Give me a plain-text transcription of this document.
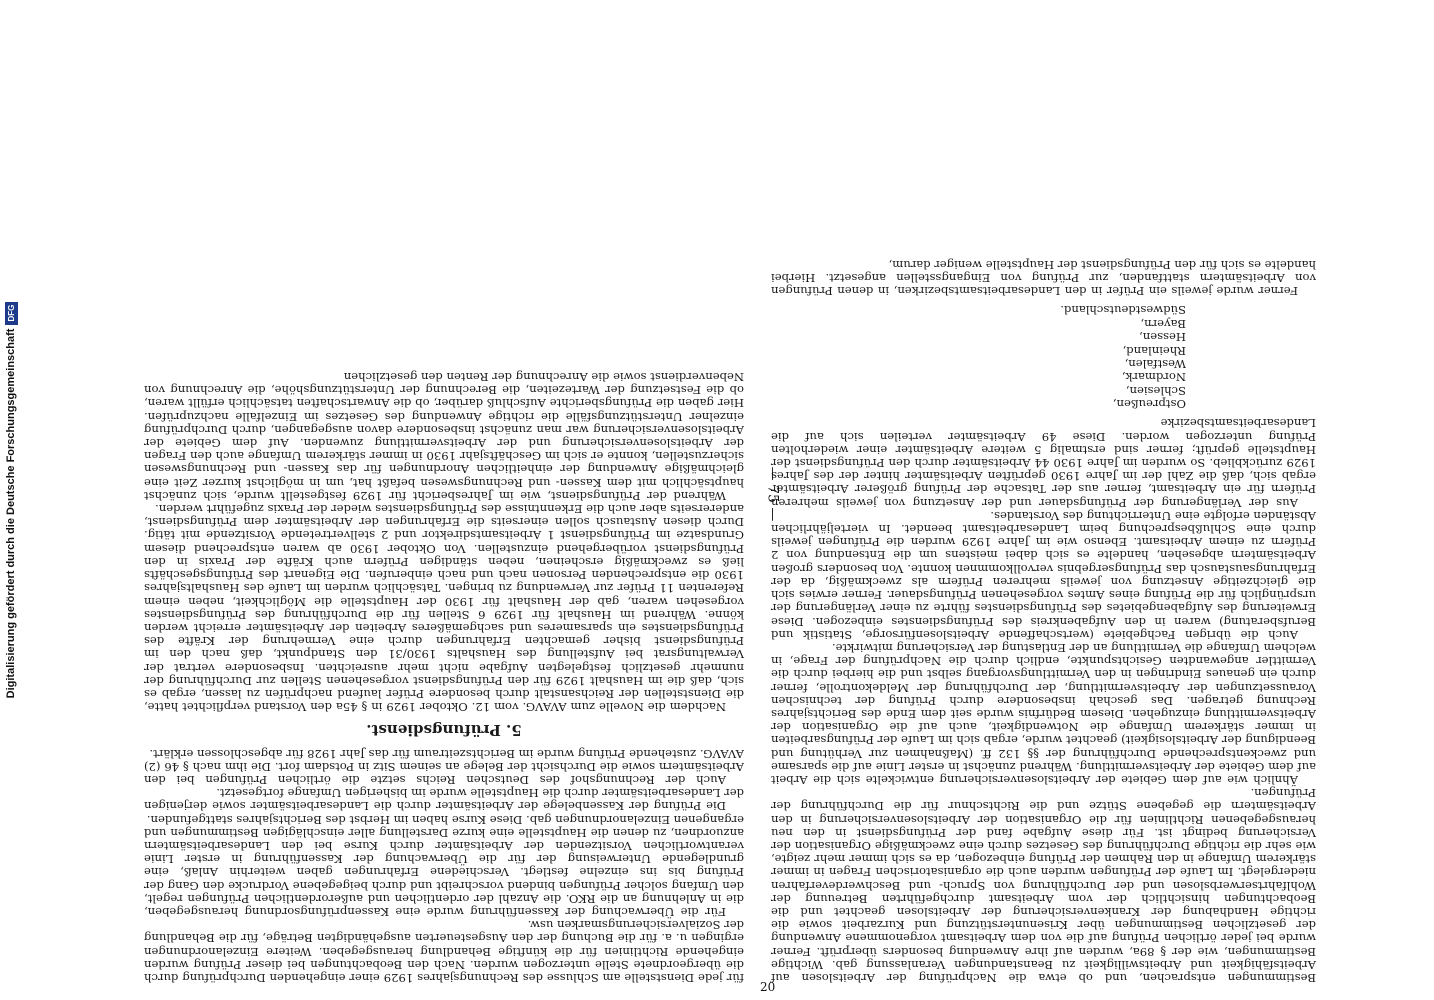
Bestimmungen entsprachen, und ob etwa die Nachprüfung der Arbeitslosen auf Arbeitsfähigkeit und Arbeitswilligkeit zu Beanstandungen Veranlassung gab. Wichtige Bestimmungen, wie der § 89a, wurden auf ihre Anwendung besonders überprüft. Ferner wurde bei jeder örtlichen Prüfung auf die von dem Arbeitsamt vorgenommene Anwendung der gesetzlichen Bestimmungen über Krisenunterstützung und Kurzarbeit sowie die richtige Handhabung der Krankenversicherung der Arbeitslosen geachtet und die Beobachtungen hinsichtlich der vom Arbeitsamt durchgeführten Betreuung der Wohlfahrtserwerbslosen und der Durchführung von Spruch- und Beschwerdeverfahren niedergelegt. Im Laufe der Prüfungen wurden auch die organisatorischen Fragen in immer stärkerem Umfange in den Rahmen der Prüfung einbezogen, da es sich immer mehr zeigte, wie sehr die richtige Durchführung des Gesetzes durch eine zweckmäßige Organisation der Versicherung bedingt ist. Für diese Aufgabe fand der Prüfungsdienst in den neu herausgegebenen Richtlinien für die Organisation der Arbeitslosenversicherung in den Arbeitsämtern die gegebene Stütze und die Richtschnur für die Durchführung der Prüfungen.

Ähnlich wie auf dem Gebiete der Arbeitslosenversicherung entwickelte sich die Arbeit auf dem Gebiete der Arbeitsvermittlung. Während zunächst in erster Linie auf die sparsame und zweckentsprechende Durchführung der §§ 132 ff. (Maßnahmen zur Verhütung und Beendigung der Arbeitslosigkeit) geachtet wurde, ergab sich im Laufe der Prüfungsarbeiten in immer stärkerem Umfange die Notwendigkeit, auch auf die Organisation der Arbeitsvermittlung einzugehen. Diesem Bedürfnis wurde seit dem Ende des Berichtsjahres Rechnung getragen. Das geschah insbesondere durch Prüfung der technischen Voraussetzungen der Arbeitsvermittlung, der Durchführung der Meldekontrolle, ferner durch ein genaues Eindringen in den Vermittlungsvorgang selbst und die hierbei durch die Vermittler angewandten Gesichtspunkte, endlich durch die Nachprüfung der Frage, in welchem Umfange die Vermittlung an der Entlastung der Versicherung mitwirkte.

Auch die übrigen Fachgebiete (wertschaffende Arbeitslosenfürsorge, Statistik und Berufsberatung) waren in den Aufgabenkreis des Prüfungsdienstes einbezogen. Diese Erweiterung des Aufgabengebietes des Prüfungsdienstes führte zu einer Verlängerung der ursprünglich für die Prüfung eines Amtes vorgesehenen Prüfungsdauer. Ferner erwies sich die gleichzeitige Ansetzung von jeweils mehreren Prüfern als zweckmäßig, da der Erfahrungsaustausch das Prüfungsergebnis vervollkommnen konnte. Von besonders großen Arbeitsämtern abgesehen, handelte es sich dabei meistens um die Entsendung von 2 Prüfern zu einem Arbeitsamt. Ebenso wie im Jahre 1929 wurden die Prüfungen jeweils durch eine Schlußbesprechung beim Landesarbeitsamt beendet. In vierteljährlichen Abständen erfolgte eine Unterrichtung des Vorstandes.

Aus der Verlängerung der Prüfungsdauer und der Ansetzung von jeweils mehreren Prüfern für ein Arbeitsamt, ferner aus der Tatsache der Prüfung größerer Arbeitsämter ergab sich, daß die Zahl der im Jahre 1930 geprüften Arbeitsämter hinter der des Jahres 1929 zurückblieb. So wurden im Jahre 1930 44 Arbeitsämter durch den Prüfungsdienst der Hauptstelle geprüft; ferner sind erstmalig 5 weitere Arbeitsämter einer wiederholten Prüfung unterzogen worden. Diese 49 Arbeitsämter verteilen sich auf die Landesarbeitsamtsbezirke

Ostpreußen,
Schlesien,
Nordmark,
Westfalen,
Rheinland,
Hessen,
Bayern,
Südwestdeutschland.

Ferner wurde jeweils ein Prüfer in den Landesarbeitsamtsbezirken, in denen Prüfungen von Arbeitsämtern stattfanden, zur Prüfung von Eingangsstellen angesetzt. Hierbei handelte es sich für den Prüfungsdienst der Hauptstelle weniger darum,

für jede Dienststelle am Schlusse des Rechnungsjahres 1929 einer eingehenden Durchprüfung durch die übergeordnete Stelle unterzogen wurden. Nach den Beobachtungen bei dieser Prüfung wurden eingehende Richtlinien für die künftige Behandlung herausgegeben. Weitere Einzelanordnungen ergingen u. a. für die Buchung der den Ausgesteuerten ausgehändigten Beträge, für die Behandlung der Sozialversicherungsmarken usw.

Für die Überwachung der Kassenführung wurde eine Kassenprüfungsordnung herausgegeben, die in Anlehnung an die RKO. die Anzahl der ordentlichen und außerordentlichen Prüfungen regelt, den Umfang solcher Prüfungen bindend vorschreibt und durch beigegebene Vordrucke den Gang der Prüfung bis ins einzelne festlegt. Verschiedene Erfahrungen gaben weiterhin Anlaß, eine grundlegende Unterweisung der für die Überwachung der Kassenführung in erster Linie verantwortlichen Vorsitzenden der Arbeitsämter durch Kurse bei den Landesarbeitsämtern anzuordnen, zu denen die Hauptstelle eine kurze Darstellung aller einschlägigen Bestimmungen und ergangenen Einzelanordnungen gab. Diese Kurse haben im Herbst des Berichtsjahres stattgefunden.

Die Prüfung der Kassenbelege der Arbeitsämter durch die Landesarbeitsämter sowie derjenigen der Landesarbeitsämter durch die Hauptstelle wurde im bisherigen Umfange fortgesetzt.

Auch der Rechnungshof des Deutschen Reichs setzte die örtlichen Prüfungen bei den Arbeitsämtern sowie die Durchsicht der Belege an seinem Sitz in Potsdam fort. Die ihm nach § 46 (2) AVAVG. zustehende Prüfung wurde im Berichtszeitraum für das Jahr 1928 für abgeschlossen erklärt.

5. Prüfungsdienst.

Nachdem die Novelle zum AVAVG. vom 12. Oktober 1929 in § 45a den Vorstand verpflichtet hatte, die Dienststellen der Reichsanstalt durch besondere Prüfer laufend nachprüfen zu lassen, ergab es sich, daß die im Haushalt 1929 für den Prüfungsdienst vorgesehenen Stellen zur Durchführung der nunmehr gesetzlich festgelegten Aufgabe nicht mehr ausreichten. Insbesondere vertrat der Verwaltungsrat bei Aufstellung des Haushalts 1930/31 den Standpunkt, daß nach den im Prüfungsdienst bisher gemachten Erfahrungen durch eine Vermehrung der Kräfte des Prüfungsdienstes ein sparsameres und sachgemäßeres Arbeiten der Arbeitsämter erreicht werden könne. Während im Haushalt für 1929 6 Stellen für die Durchführung des Prüfungsdienstes vorgesehen waren, gab der Haushalt für 1930 der Hauptstelle die Möglichkeit, neben einem Referenten 11 Prüfer zur Verwendung zu bringen. Tatsächlich wurden im Laufe des Haushaltsjahres 1930 die entsprechenden Personen nach und nach einberufen. Die Eigenart des Prüfungsgeschäfts ließ es zweckmäßig erscheinen, neben ständigen Prüfern auch Kräfte der Praxis in den Prüfungsdienst vorübergehend einzustellen. Von Oktober 1930 ab waren entsprechend diesem Grundsatze im Prüfungsdienst 1 Arbeitsamtsdirektor und 2 stellvertretende Vorsitzende mit tätig. Durch diesen Austausch sollen einerseits die Erfahrungen der Arbeitsämter dem Prüfungsdienst, andererseits aber auch die Erkenntnisse des Prüfungsdienstes wieder der Praxis zugeführt werden.

Während der Prüfungsdienst, wie im Jahresbericht für 1929 festgestellt wurde, sich zunächst hauptsächlich mit dem Kassen- und Rechnungswesen befaßt hat, um in möglichst kurzer Zeit eine gleichmäßige Anwendung der einheitlichen Anordnungen für das Kassen- und Rechnungswesen sicherzustellen, konnte er sich im Geschäftsjahr 1930 in immer stärkerem Umfange auch den Fragen der Arbeitslosenversicherung und der Arbeitsvermittlung zuwenden. Auf dem Gebiete der Arbeitslosenversicherung war man zunächst insbesondere davon ausgegangen, durch Durchprüfung einzelner Unterstützungsfälle die richtige Anwendung des Gesetzes im Einzelfalle nachzuprüfen. Hier gaben die Prüfungsberichte Aufschluß darüber, ob die Anwartschaften tatsächlich erfüllt waren, ob die Festsetzung der Wartezeiten, die Berechnung der Unterstützungshöhe, die Anrechnung von Nebenverdienst sowie die Anrechnung der Renten den gesetzlichen

— 75 —
20
Digitalisierung gefördert durch die Deutsche Forschungsgemeinschaft
DFG
